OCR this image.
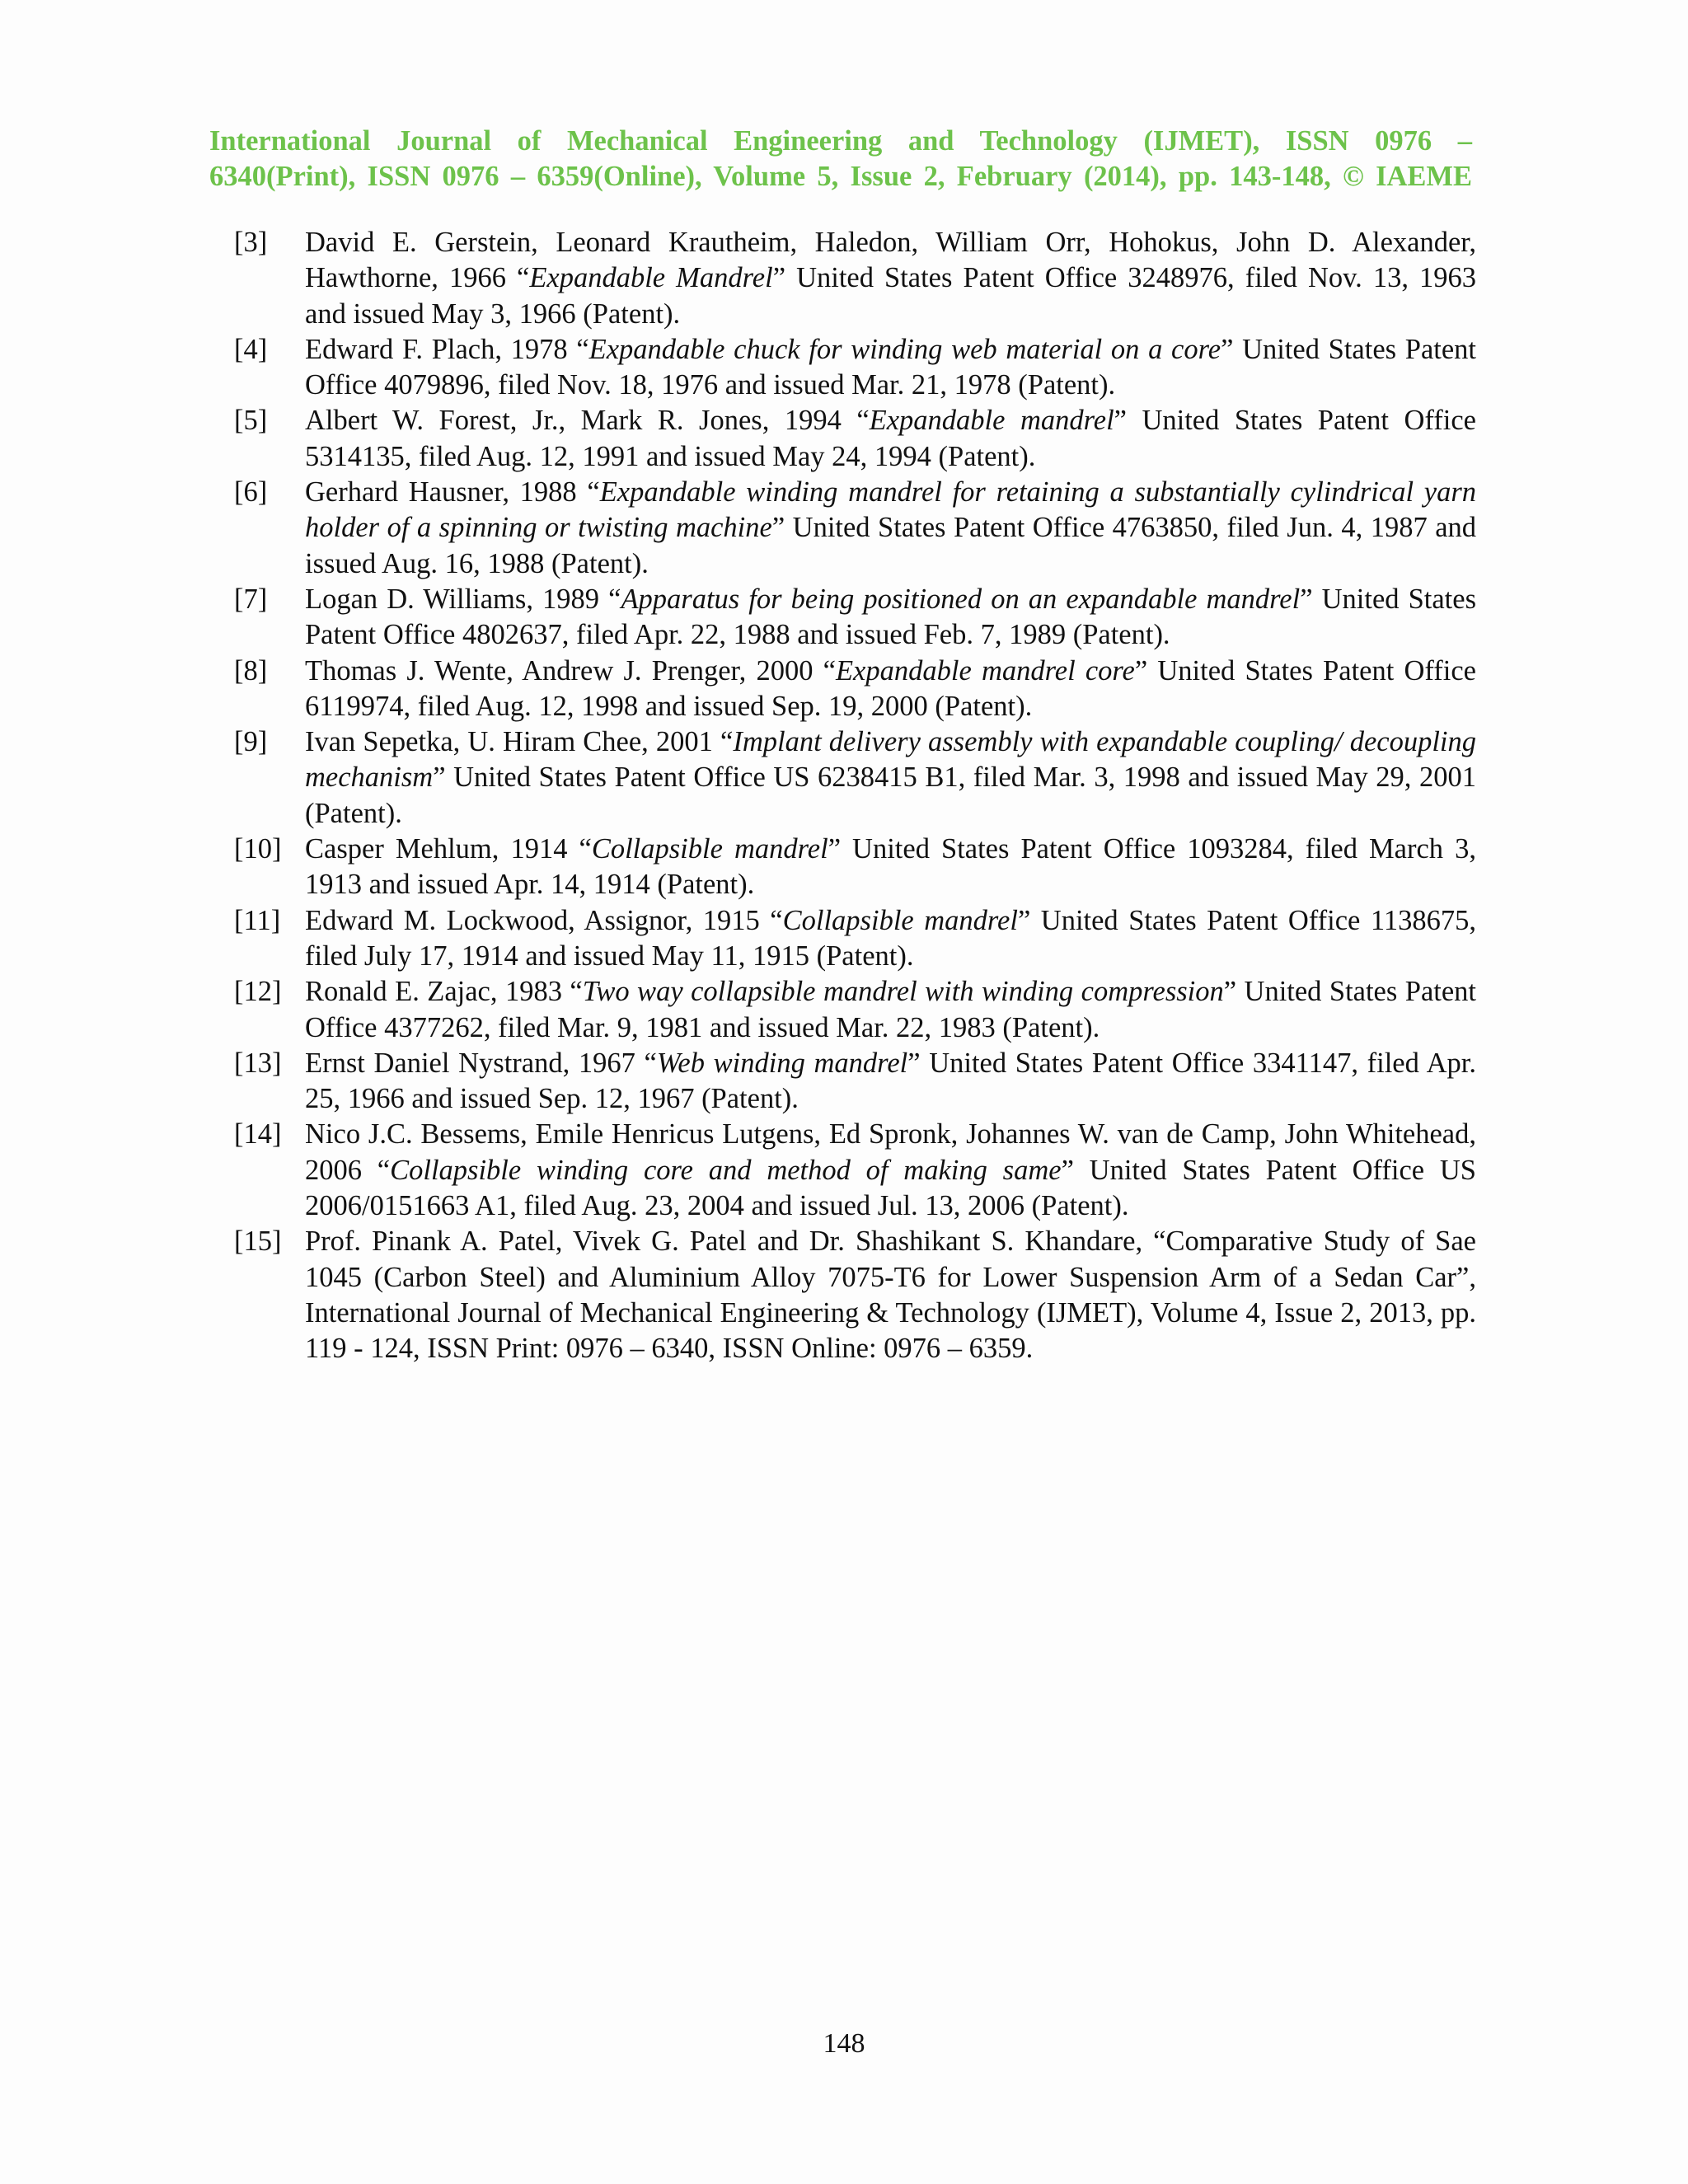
International Journal of Mechanical Engineering and Technology (IJMET), ISSN 0976 –
6340(Print), ISSN 0976 – 6359(Online), Volume 5, Issue 2, February (2014), pp. 143-148, © IAEME
[3]	David E. Gerstein, Leonard Krautheim, Haledon, William Orr, Hohokus, John D. Alexander, Hawthorne, 1966 “Expandable Mandrel” United States Patent Office 3248976, filed Nov. 13, 1963 and issued May 3, 1966 (Patent).
[4]	Edward F. Plach, 1978 “Expandable chuck for winding web material on a core” United States Patent Office 4079896, filed Nov. 18, 1976 and issued Mar. 21, 1978 (Patent).
[5]	Albert W. Forest, Jr., Mark R. Jones, 1994 “Expandable mandrel” United States Patent Office 5314135, filed Aug. 12, 1991 and issued May 24, 1994 (Patent).
[6]	Gerhard Hausner, 1988 “Expandable winding mandrel for retaining a substantially cylindrical yarn holder of a spinning or twisting machine” United States Patent Office 4763850, filed Jun. 4, 1987 and issued Aug. 16, 1988 (Patent).
[7]	Logan D. Williams, 1989 “Apparatus for being positioned on an expandable mandrel” United States Patent Office 4802637, filed Apr. 22, 1988 and issued Feb. 7, 1989 (Patent).
[8]	Thomas J. Wente, Andrew J. Prenger, 2000 “Expandable mandrel core” United States Patent Office 6119974, filed Aug. 12, 1998 and issued Sep. 19, 2000 (Patent).
[9]	Ivan Sepetka, U. Hiram Chee, 2001 “Implant delivery assembly with expandable coupling/ decoupling mechanism” United States Patent Office US 6238415 B1, filed Mar. 3, 1998 and issued May 29, 2001 (Patent).
[10] Casper Mehlum, 1914 “Collapsible mandrel” United States Patent Office 1093284, filed March 3, 1913 and issued Apr. 14, 1914 (Patent).
[11] Edward M. Lockwood, Assignor, 1915 “Collapsible mandrel” United States Patent Office 1138675, filed July 17, 1914 and issued May 11, 1915 (Patent).
[12] Ronald E. Zajac, 1983 “Two way collapsible mandrel with winding compression” United States Patent Office 4377262, filed Mar. 9, 1981 and issued Mar. 22, 1983 (Patent).
[13] Ernst Daniel Nystrand, 1967 “Web winding mandrel” United States Patent Office 3341147, filed Apr. 25, 1966 and issued Sep. 12, 1967 (Patent).
[14] Nico J.C. Bessems, Emile Henricus Lutgens, Ed Spronk, Johannes W. van de Camp, John Whitehead, 2006 “Collapsible winding core and method of making same” United States Patent Office US 2006/0151663 A1, filed Aug. 23, 2004 and issued Jul. 13, 2006 (Patent).
[15] Prof. Pinank A. Patel, Vivek G. Patel and Dr. Shashikant S. Khandare, “Comparative Study of Sae 1045 (Carbon Steel) and Aluminium Alloy 7075-T6 for Lower Suspension Arm of a Sedan Car”, International Journal of Mechanical Engineering & Technology (IJMET), Volume 4, Issue 2, 2013, pp. 119 - 124, ISSN Print: 0976 – 6340, ISSN Online: 0976 – 6359.
148
